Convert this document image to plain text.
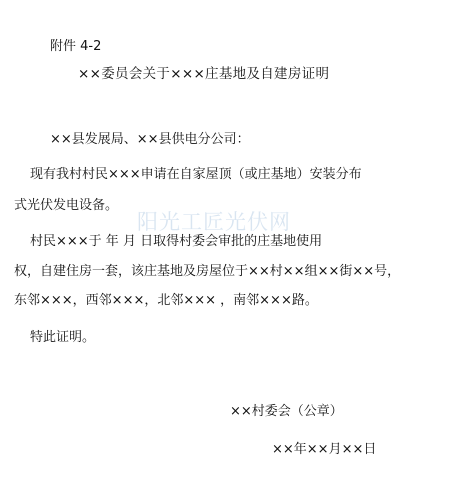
附件 4-2
××委员会关于×××庄基地及自建房证明
××县发展局、××县供电分公司：
现有我村村民×××申请在自家屋顶（或庄基地）安装分布
式光伏发电设备。
村民×××于 年 月 日取得村委会审批的庄基地使用
权，自建住房一套，该庄基地及房屋位于××村××组××街××号，
东邻×××，西邻×××，北邻××× ，南邻×××路。
特此证明。
××村委会（公章）
××年××月××日
阳光工匠光伏网
